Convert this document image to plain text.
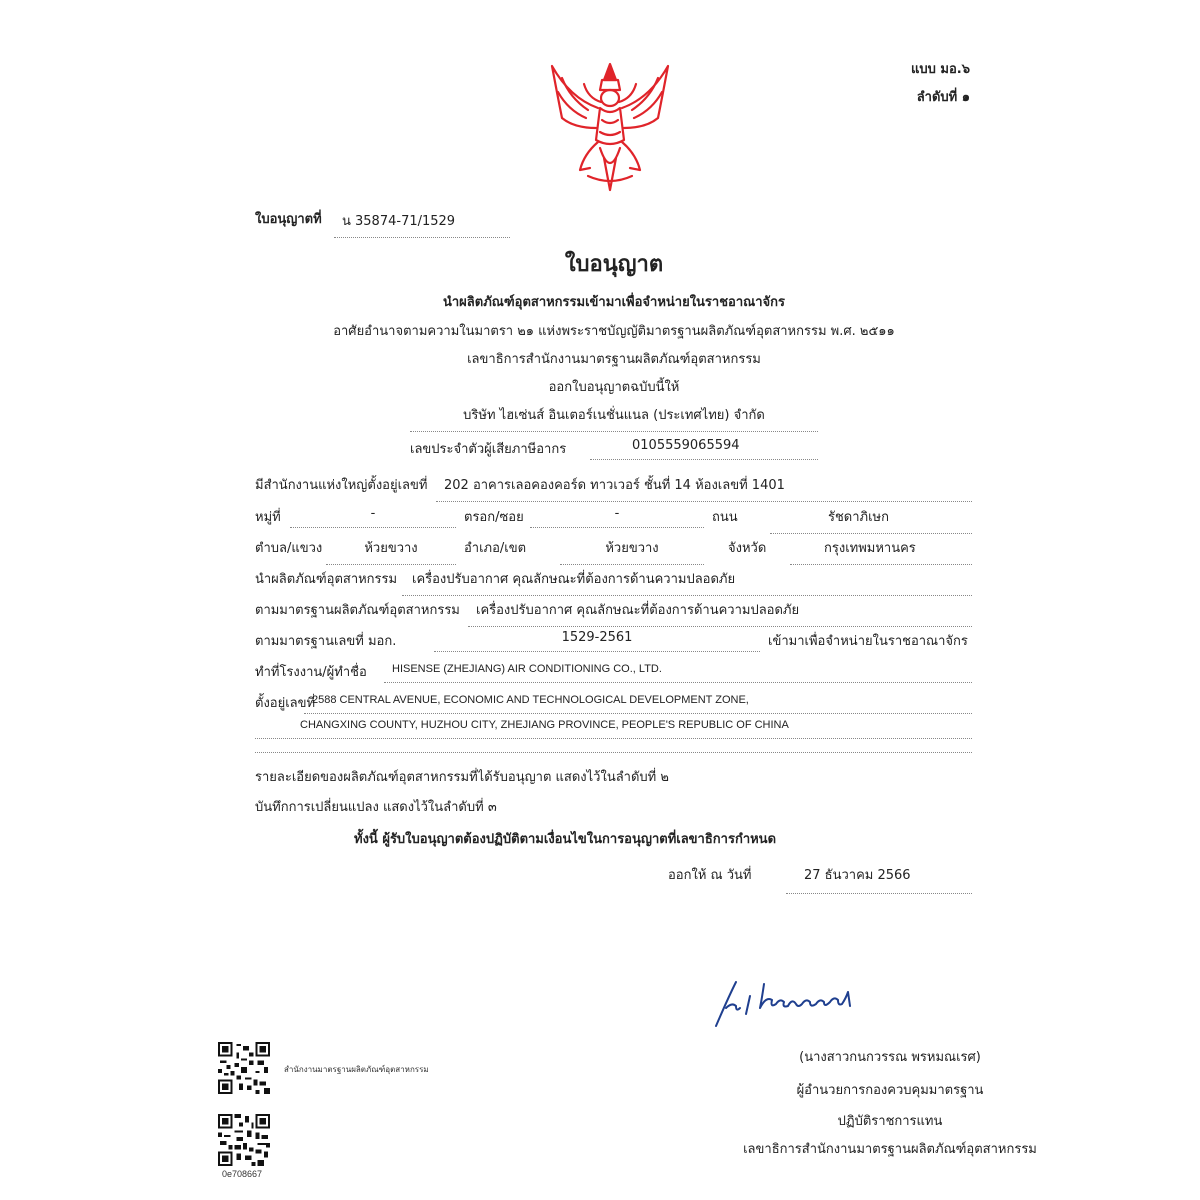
แบบ มอ.๖
ลำดับที่ ๑
ใบอนุญาตที่	น 35874-71/1529
ใบอนุญาต
นำผลิตภัณฑ์อุตสาหกรรมเข้ามาเพื่อจำหน่ายในราชอาณาจักร
อาศัยอำนาจตามความในมาตรา ๒๑ แห่งพระราชบัญญัติมาตรฐานผลิตภัณฑ์อุตสาหกรรม พ.ศ. ๒๕๑๑
เลขาธิการสำนักงานมาตรฐานผลิตภัณฑ์อุตสาหกรรม
ออกใบอนุญาตฉบับนี้ให้
บริษัท ไฮเซ่นส์ อินเตอร์เนชั่นแนล (ประเทศไทย) จำกัด
เลขประจำตัวผู้เสียภาษีอากร	0105559065594
มีสำนักงานแห่งใหญ่ตั้งอยู่เลขที่	202 อาคารเลอคองคอร์ด ทาวเวอร์ ชั้นที่ 14 ห้องเลขที่ 1401
หมู่ที่	-	ตรอก/ซอย	-	ถนน	รัชดาภิเษก
ตำบล/แขวง	ห้วยขวาง	อำเภอ/เขต	ห้วยขวาง	จังหวัด	กรุงเทพมหานคร
นำผลิตภัณฑ์อุตสาหกรรม	เครื่องปรับอากาศ คุณลักษณะที่ต้องการด้านความปลอดภัย
ตามมาตรฐานผลิตภัณฑ์อุตสาหกรรม	เครื่องปรับอากาศ คุณลักษณะที่ต้องการด้านความปลอดภัย
ตามมาตรฐานเลขที่ มอก.	1529-2561	เข้ามาเพื่อจำหน่ายในราชอาณาจักร
ทำที่โรงงาน/ผู้ทำชื่อ	HISENSE (ZHEJIANG) AIR CONDITIONING CO., LTD.
ตั้งอยู่เลขที่
2588 CENTRAL AVENUE, ECONOMIC AND TECHNOLOGICAL DEVELOPMENT ZONE,
CHANGXING COUNTY, HUZHOU CITY, ZHEJIANG PROVINCE, PEOPLE'S REPUBLIC OF CHINA
รายละเอียดของผลิตภัณฑ์อุตสาหกรรมที่ได้รับอนุญาต แสดงไว้ในลำดับที่ ๒
บันทึกการเปลี่ยนแปลง แสดงไว้ในลำดับที่ ๓
ทั้งนี้ ผู้รับใบอนุญาตต้องปฏิบัติตามเงื่อนไขในการอนุญาตที่เลขาธิการกำหนด
ออกให้ ณ วันที่	27 ธันวาคม 2566
(นางสาวกนกวรรณ พรหมณเรศ)
ผู้อำนวยการกองควบคุมมาตรฐาน
ปฏิบัติราชการแทน
เลขาธิการสำนักงานมาตรฐานผลิตภัณฑ์อุตสาหกรรม
สำนักงานมาตรฐานผลิตภัณฑ์อุตสาหกรรม
0e708667
